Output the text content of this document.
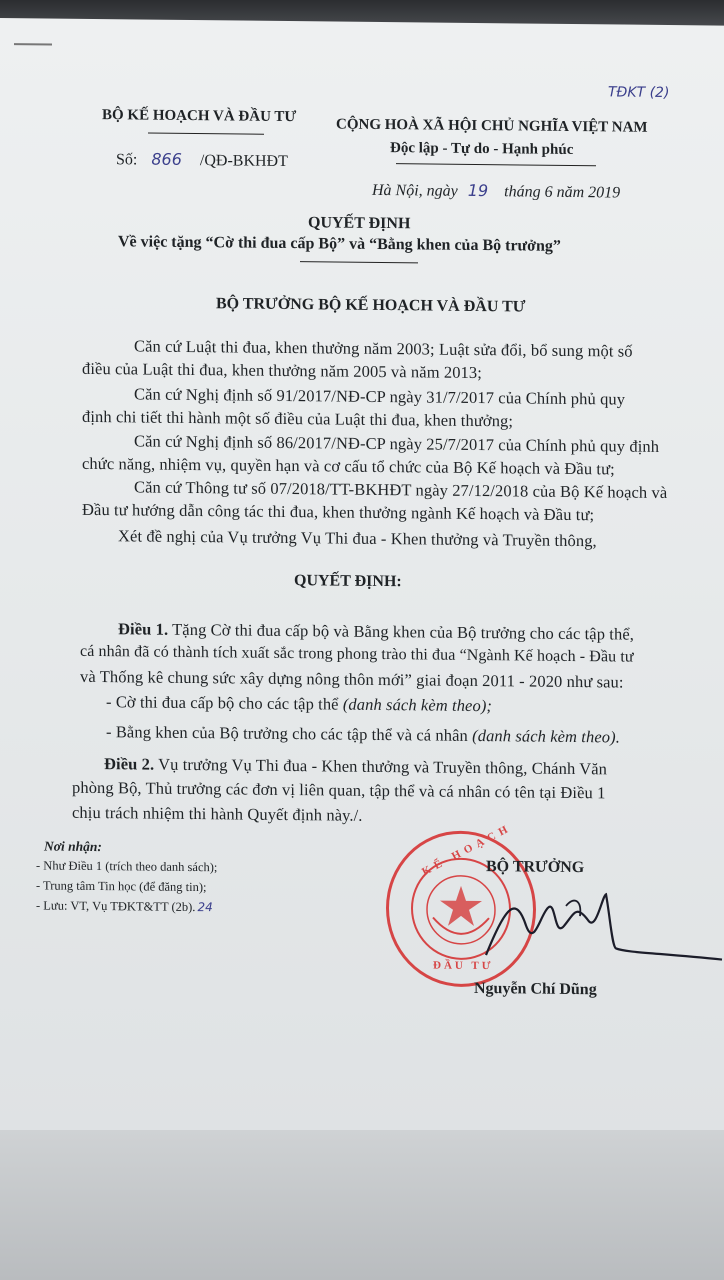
TĐKT (2)
BỘ KẾ HOẠCH VÀ ĐẦU TƯ
Số: 866 /QĐ-BKHĐT
CỘNG HOÀ XÃ HỘI CHỦ NGHĨA VIỆT NAM
Độc lập - Tự do - Hạnh phúc
Hà Nội, ngày 19 tháng 6 năm 2019
QUYẾT ĐỊNH
Về việc tặng “Cờ thi đua cấp Bộ” và “Bằng khen của Bộ trưởng”
BỘ TRƯỞNG BỘ KẾ HOẠCH VÀ ĐẦU TƯ
Căn cứ Luật thi đua, khen thưởng năm 2003; Luật sửa đổi, bổ sung một số
điều của Luật thi đua, khen thưởng năm 2005 và năm 2013;
Căn cứ Nghị định số 91/2017/NĐ-CP ngày 31/7/2017 của Chính phủ quy
định chi tiết thi hành một số điều của Luật thi đua, khen thưởng;
Căn cứ Nghị định số 86/2017/NĐ-CP ngày 25/7/2017 của Chính phủ quy định
chức năng, nhiệm vụ, quyền hạn và cơ cấu tổ chức của Bộ Kế hoạch và Đầu tư;
Căn cứ Thông tư số 07/2018/TT-BKHĐT ngày 27/12/2018 của Bộ Kế hoạch và
Đầu tư hướng dẫn công tác thi đua, khen thưởng ngành Kế hoạch và Đầu tư;
Xét đề nghị của Vụ trưởng Vụ Thi đua - Khen thưởng và Truyền thông,
QUYẾT ĐỊNH:
Điều 1. Tặng Cờ thi đua cấp bộ và Bằng khen của Bộ trưởng cho các tập thể,
cá nhân đã có thành tích xuất sắc trong phong trào thi đua “Ngành Kế hoạch - Đầu tư
và Thống kê chung sức xây dựng nông thôn mới” giai đoạn 2011 - 2020 như sau:
- Cờ thi đua cấp bộ cho các tập thể (danh sách kèm theo);
- Bằng khen của Bộ trưởng cho các tập thể và cá nhân (danh sách kèm theo).
Điều 2. Vụ trưởng Vụ Thi đua - Khen thưởng và Truyền thông, Chánh Văn
phòng Bộ, Thủ trưởng các đơn vị liên quan, tập thể và cá nhân có tên tại Điều 1
chịu trách nhiệm thi hành Quyết định này./.
Nơi nhận:
- Như Điều 1 (trích theo danh sách);
- Trung tâm Tin học (để đăng tin);
- Lưu: VT, Vụ TĐKT&TT (2b). 24
KẾ HOẠCH
ĐẦU TƯ
BỘ TRƯỞNG
Nguyễn Chí Dũng
